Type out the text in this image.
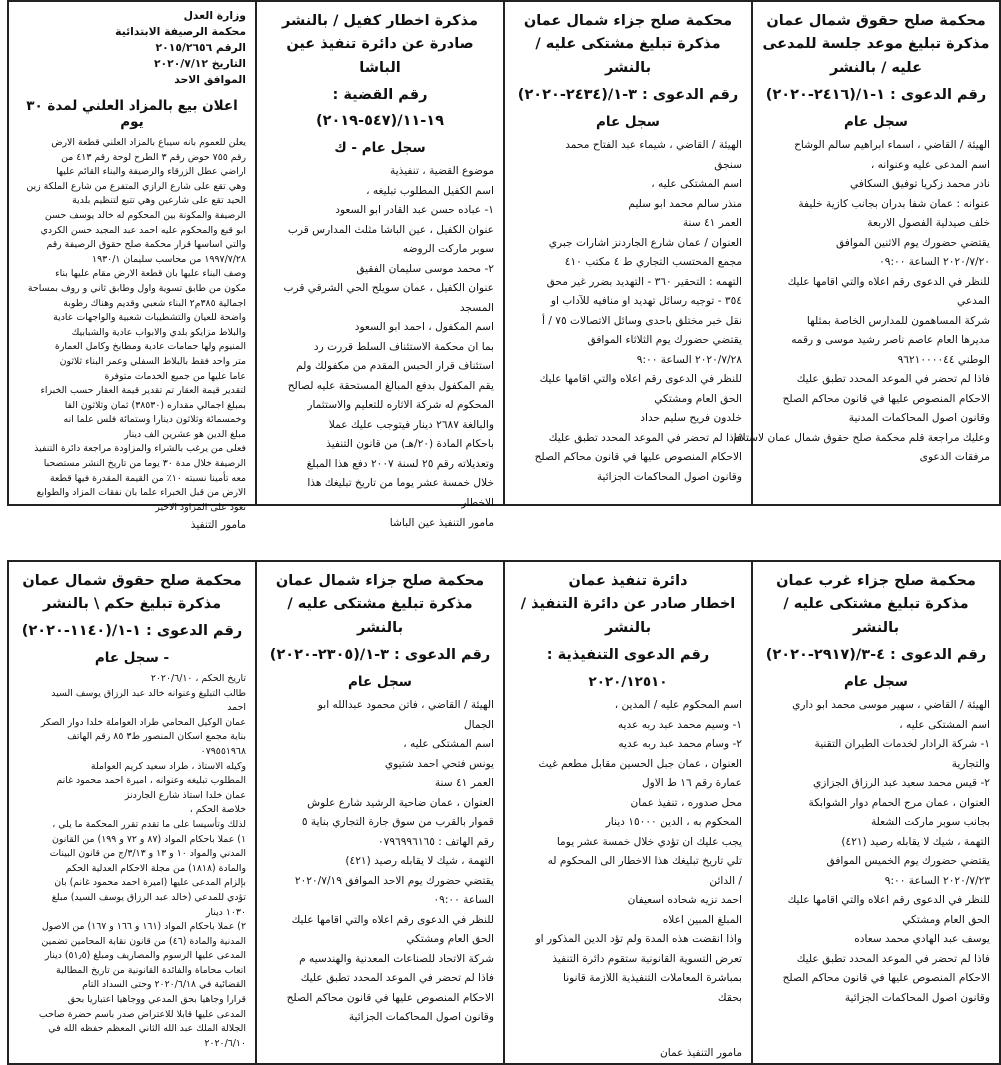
محكمة صلح حقوق شمال عمان
مذكرة تبليغ موعد جلسة للمدعى عليه / بالنشر
رقم الدعوى : ١-١/(٢٤١٦-٢٠٢٠)
سجل عام
الهيئة / القاضي ، اسماء ابراهيم سالم الوشاح
اسم المدعى عليه وعنوانه ،
نادر محمد زكريا توفيق السكافي
عنوانه : عمان شفا بدران بجانب كازية خليفة
خلف صيدلية الفصول الاربعة
يقتضي حضورك يوم الاثنين الموافق
٢٠٢٠/٧/٢٠ الساعة ٠٩:٠٠
للنظر في الدعوى رقم اعلاه والتي اقامها عليك
المدعي
شركة المساهمون للمدارس الخاصة بمثلها
مديرها العام عاصم ناصر رشيد موسى و رقمه
الوطني ٩٦٢١٠٠٠٠٤٤
فاذا لم تحضر في الموعد المحدد تطبق عليك
الاحكام المنصوص عليها في قانون محاكم الصلح
وقانون اصول المحاكمات المدنية
وعليك مراجعة قلم محكمة صلح حقوق شمال عمان لاستلام
مرفقات الدعوى
محكمة صلح جزاء شمال عمان
مذكرة تبليغ مشتكى عليه / بالنشر
رقم الدعوى : ٣-١/(٢٤٣٤-٢٠٢٠)
سجل عام
الهيئة / القاضي ، شيماء عبد الفتاح محمد
سنجق
اسم المشتكى عليه ،
منذر سالم محمد ابو سليم
العمر ٤١ سنة
العنوان / عمان شارع الجاردنز اشارات جبري
مجمع المحتسب التجاري ط ٤ مكتب ٤١٠
التهمه : التحقير ٣٦٠ - التهديد بضرر غير محق
٣٥٤ - توجيه رسائل تهديد او منافيه للآداب او
نقل خبر مختلق باحدى وسائل الاتصالات ٧٥ / أ
يقتضي حضورك يوم الثلاثاء الموافق
٢٠٢٠/٧/٢٨ الساعة ٩:٠٠
للنظر في الدعوى رقم اعلاه والتي اقامها عليك
الحق العام ومشتكي
خلدون فريح سليم حداد
فاذا لم تحضر في الموعد المحدد تطبق عليك
الاحكام المنصوص عليها في قانون محاكم الصلح
وقانون اصول المحاكمات الجزائية
مذكرة اخطار كفيل / بالنشر
صادرة عن دائرة تنفيذ عين الباشا
رقم القضية : ١٩-١١/(٥٤٧-٢٠١٩)
سجل عام - ك
موضوع القضية ، تنفيذية
اسم الكفيل المطلوب تبليغه ،
١- عباده حسن عبد القادر ابو السعود
عنوان الكفيل ، عين الباشا مثلث المدارس قرب
سوبر ماركت الروضه
٢- محمد موسى سليمان الفقيق
عنوان الكفيل ، عمان سويلح الحي الشرقي قرب
المسجد
اسم المكفول ، احمد ابو السعود
بما ان محكمة الاستئناف السلط قررت رد
استئناف قرار الحبس المقدم من مكفولك ولم
يقم المكفول بدفع المبالغ المستحقة عليه لصالح
المحكوم له شركة الاثاره للتعليم والاستثمار
والبالغة ٢٦٨٧ دينار فيتوجب عليك عملا
باحكام المادة (٢٠/هـ) من قانون التنفيذ
وتعديلاته رقم ٢٥ لسنة ٢٠٠٧ دفع هذا المبلغ
خلال خمسة عشر يوما من تاريخ تبليغك هذا
الاخطار
مامور التنفيذ عين الباشا
وزارة العدل
محكمة الرصيفة الابتدائية
الرقم ٢٠١٥/٢٦٥٦
التاريخ ٢٠٢٠/٧/١٢
الموافق الاحد
اعلان بيع بالمزاد العلني لمدة ٣٠ يوم
يعلن للعموم بانه سيباع بالمزاد العلني قطعة الارض
رقم ٧٥٥ حوض رقم ٣ الطرح لوحة رقم ٤١٣ من
اراضي عطل الزرقاء والرصيفة والبناء القائم عليها
وهي تقع على شارع الرازي المتفرع من شارع الملكة زين
الحيد تقع على شارعين وهي تتبع لتنظيم بلدية
الرصيفة والمكونة بين المحكوم له خالد يوسف حسن
ابو قبع والمحكوم عليه احمد عبد المجيد حسن الكردي
والتي اساسها قرار محكمة صلح حقوق الرصيفة رقم
١٩٩٧/٧/٢٨ من محاسب سليمان ١٩٣٠/١
وصف البناء عليها بان قطعة الارض مقام عليها بناء
مكون من طابق تسوية واول وطابق ثاني و روف بمساحة
اجمالية ٣٨٥م٢ البناء شعبي وقديم وهناك رطوبة
واضحة للعيان والتشطيبات شعبية والواجهات عادية
والبلاط مزايكو بلدي والابواب عادية والشبابيك
المنيوم ولها حمامات عادية ومطابخ وكامل العمارة
متر واحد فقط بالبلاط السفلي وعمر البناء ثلاثون
عاما عليها من جميع الخدمات متوفرة
لتقدير قيمة العقار تم تقدير قيمة العقار حسب الخبراء
بمبلغ اجمالي مقداره (٣٨٥٣٠) ثمان وثلاثون الفا
وخمسمائة وثلاثون دينارا وستمائة فلس علما انه
مبلغ الدين هو عشرين الف دينار
فعلى من يرغب بالشراء والمزاودة مراجعة دائرة التنفيذ
الرصيفة خلال مدة ٣٠ يوما من تاريخ النشر مستصحبا
معه تأمينا نسبته ١٠٪ من القيمة المقدرة فيها قطعة
الارض من قبل الخبراء علما بان نفقات المزاد والطوابع
تعود على المزاود الاخير
مامور التنفيذ
محكمة صلح جزاء غرب عمان
مذكرة تبليغ مشتكى عليه / بالنشر
رقم الدعوى : ٤-٣/(٢٩١٧-٢٠٢٠)
سجل عام
الهيئة / القاضي ، سهير موسى محمد ابو داري
اسم المشتكى عليه ،
١- شركة الرادار لخدمات الطيران التقنية
والتجارية
٢- قيس محمد سعيد عبد الرزاق الجزازي
العنوان ، عمان مرج الحمام دوار الشوابكة
بجانب سوبر ماركت الشعلة
التهمة ، شيك لا يقابله رصيد (٤٢١)
يقتضي حضورك يوم الخميس الموافق
٢٠٢٠/٧/٢٣ الساعة ٩:٠٠
للنظر في الدعوى رقم اعلاه والتي اقامها عليك
الحق العام ومشتكي
يوسف عبد الهادي محمد سعاده
فاذا لم تحضر في الموعد المحدد تطبق عليك
الاحكام المنصوص عليها في قانون محاكم الصلح
وقانون اصول المحاكمات الجزائية
دائرة تنفيذ عمان
اخطار صادر عن دائرة التنفيذ / بالنشر
رقم الدعوى التنفيذية :
٢٠٢٠/١٢٥١٠
اسم المحكوم عليه / المدين ،
١- وسيم محمد عبد ربه عديه
٢- وسام محمد عبد ربه عديه
العنوان ، عمان جبل الحسين مقابل مطعم غيث
عمارة رقم ١٦ ط الاول
محل صدوره ، تنفيذ عمان
المحكوم به ، الدين ١٥٠٠٠ دينار
يجب عليك ان تؤدي خلال خمسة عشر يوما
تلي تاريخ تبليغك هذا الاخطار الى المحكوم له
/ الدائن
احمد نزيه شحاده اسعيفان
المبلغ المبين اعلاه
واذا انقضت هذه المدة ولم تؤد الدين المذكور او
تعرض التسوية القانونية ستقوم دائرة التنفيذ
بمباشرة المعاملات التنفيذية اللازمة قانونا
بحقك
مامور التنفيذ عمان
محكمة صلح جزاء شمال عمان
مذكرة تبليغ مشتكى عليه / بالنشر
رقم الدعوى : ٣-١/(٢٣٠٥-٢٠٢٠)
سجل عام
الهيئة / القاضي ، فاتن محمود عبدالله ابو
الجمال
اسم المشتكى عليه ،
يونس فتحي احمد شتيوي
العمر ٤١ سنة
العنوان ، عمان ضاحية الرشيد شارع علوش
قموار بالقرب من سوق جارة التجاري بناية ٥
رقم الهاتف : ٠٧٩٦٩٩٦١٦٥
التهمة ، شيك لا يقابله رصيد (٤٢١)
يقتضي حضورك يوم الاحد الموافق ٢٠٢٠/٧/١٩
الساعة ٠٩:٠٠
للنظر في الدعوى رقم اعلاه والتي اقامها عليك
الحق العام ومشتكي
شركة الاتحاد للصناعات المعدنية والهندسيه م
فاذا لم تحضر في الموعد المحدد تطبق عليك
الاحكام المنصوص عليها في قانون محاكم الصلح
وقانون اصول المحاكمات الجزائية
محكمة صلح حقوق شمال عمان
مذكرة تبليغ حكم \ بالنشر
رقم الدعوى : ١-١/(١١٤٠-٢٠٢٠)
- سجل عام
تاريخ الحكم ، ٢٠٢٠/٦/١٠
طالب التبليغ وعنوانه خالد عبد الرزاق يوسف السيد
احمد
عمان الوكيل المحامي طراد العواملة خلدا دوار الصكر
بناية مجمع اسكان المنصور ط٣ ٨٥ رقم الهاتف
٠٧٩٥٥١٩٦٨
وكيله الاستاذ ، طراد سعيد كريم العواملة
المطلوب تبليغه وعنوانه ، اميرة احمد محمود غانم
عمان خلدا استاذ شارع الجاردنز
خلاصة الحكم ،
لذلك وتأسيسا على ما تقدم تقرر المحكمة ما يلي ،
١) عملا باحكام المواد (٨٧ و ٧٢ و ١٩٩) من القانون
المدني والمواد ١٠ و ١٣ و ٣/١٣/ج من قانون البينات
والمادة (١٨١٨) من مجلة الاحكام العدلية الحكم
بإلزام المدعى عليها (اميرة احمد محمود غانم) بان
تؤدي للمدعي (خالد عبد الرزاق يوسف السيد) مبلغ
١٠٣٠ دينار
٢) عملا باحكام المواد (١٦١ و ١٦٦ و ١٦٧) من الاصول
المدنية والمادة (٤٦) من قانون نقابة المحامين تضمين
المدعى عليها الرسوم والمصاريف ومبلغ (٥١٫٥) دينار
اتعاب محاماة والفائدة القانونية من تاريخ المطالبة
القضائية في ٢٠٢٠/٦/١٨ وحتى السداد التام
قرارا وجاهيا بحق المدعي ووجاهيا اعتباريا بحق
المدعى عليها قابلا للاعتراض صدر باسم حضرة صاحب
الجلالة الملك عبد الله الثاني المعظم حفظه الله في
٢٠٢٠/٦/١٠
